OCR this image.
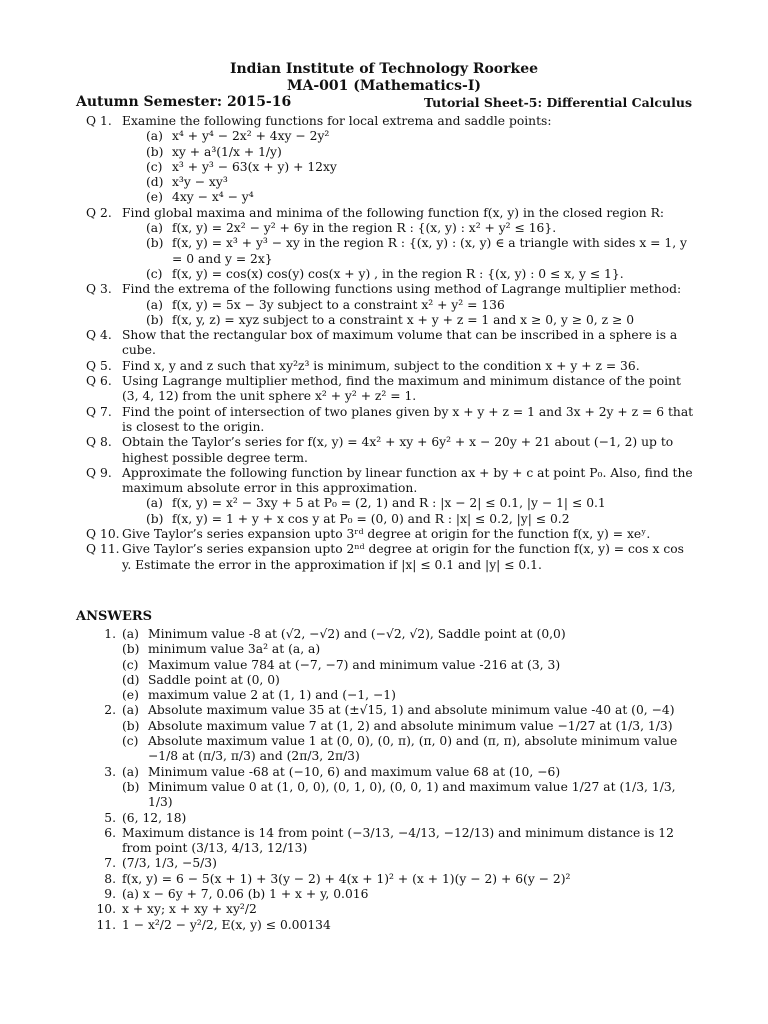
Indian Institute of Technology Roorkee
MA-001 (Mathematics-I)
Autumn Semester: 2015-16	Tutorial Sheet-5: Differential Calculus
Q 1. Examine the following functions for local extrema and saddle points:
(a) x⁴ + y⁴ − 2x² + 4xy − 2y²
(b) xy + a³(1/x + 1/y)
(c) x³ + y³ − 63(x + y) + 12xy
(d) x³y − xy³
(e) 4xy − x⁴ − y⁴
Q 2. Find global maxima and minima of the following function f(x, y) in the closed region R:
(a) f(x, y) = 2x² − y² + 6y in the region R : {(x, y) : x² + y² ≤ 16}.
(b) f(x, y) = x³ + y³ − xy in the region R : {(x, y) : (x, y) ∈ a triangle with sides x = 1, y = 0 and y = 2x}
(c) f(x, y) = cos(x) cos(y) cos(x + y) , in the region R : {(x, y) : 0 ≤ x, y ≤ 1}.
Q 3. Find the extrema of the following functions using method of Lagrange multiplier method:
(a) f(x, y) = 5x − 3y subject to a constraint x² + y² = 136
(b) f(x, y, z) = xyz subject to a constraint x + y + z = 1 and x ≥ 0, y ≥ 0, z ≥ 0
Q 4. Show that the rectangular box of maximum volume that can be inscribed in a sphere is a cube.
Q 5. Find x, y and z such that xy²z³ is minimum, subject to the condition x + y + z = 36.
Q 6. Using Lagrange multiplier method, find the maximum and minimum distance of the point (3, 4, 12) from the unit sphere x² + y² + z² = 1.
Q 7. Find the point of intersection of two planes given by x + y + z = 1 and 3x + 2y + z = 6 that is closest to the origin.
Q 8. Obtain the Taylor’s series for f(x, y) = 4x² + xy + 6y² + x − 20y + 21 about (−1, 2) up to highest possible degree term.
Q 9. Approximate the following function by linear function ax + by + c at point P₀. Also, find the maximum absolute error in this approximation.
(a) f(x, y) = x² − 3xy + 5 at P₀ = (2, 1) and R : |x − 2| ≤ 0.1, |y − 1| ≤ 0.1
(b) f(x, y) = 1 + y + x cos y at P₀ = (0, 0) and R : |x| ≤ 0.2, |y| ≤ 0.2
Q 10. Give Taylor’s series expansion upto 3ʳᵈ degree at origin for the function f(x, y) = xeʸ.
Q 11. Give Taylor’s series expansion upto 2ⁿᵈ degree at origin for the function f(x, y) = cos x cos y. Estimate the error in the approximation if |x| ≤ 0.1 and |y| ≤ 0.1.
ANSWERS
1. (a) Minimum value -8 at (√2, −√2) and (−√2, √2), Saddle point at (0,0)
(b) minimum value 3a² at (a, a)
(c) Maximum value 784 at (−7, −7) and minimum value -216 at (3, 3)
(d) Saddle point at (0, 0)
(e) maximum value 2 at (1, 1) and (−1, −1)
2. (a) Absolute maximum value 35 at (±√15, 1) and absolute minimum value -40 at (0, −4)
(b) Absolute maximum value 7 at (1, 2) and absolute minimum value −1/27 at (1/3, 1/3)
(c) Absolute maximum value 1 at (0, 0), (0, π), (π, 0) and (π, π), absolute minimum value −1/8 at (π/3, π/3) and (2π/3, 2π/3)
3. (a) Minimum value -68 at (−10, 6) and maximum value 68 at (10, −6)
(b) Minimum value 0 at (1, 0, 0), (0, 1, 0), (0, 0, 1) and maximum value 1/27 at (1/3, 1/3, 1/3)
5. (6, 12, 18)
6. Maximum distance is 14 from point (−3/13, −4/13, −12/13) and minimum distance is 12 from point (3/13, 4/13, 12/13)
7. (7/3, 1/3, −5/3)
8. f(x, y) = 6 − 5(x + 1) + 3(y − 2) + 4(x + 1)² + (x + 1)(y − 2) + 6(y − 2)²
9. (a) x − 6y + 7, 0.06 (b) 1 + x + y, 0.016
10. x + xy; x + xy + xy²/2
11. 1 − x²/2 − y²/2, E(x, y) ≤ 0.00134
